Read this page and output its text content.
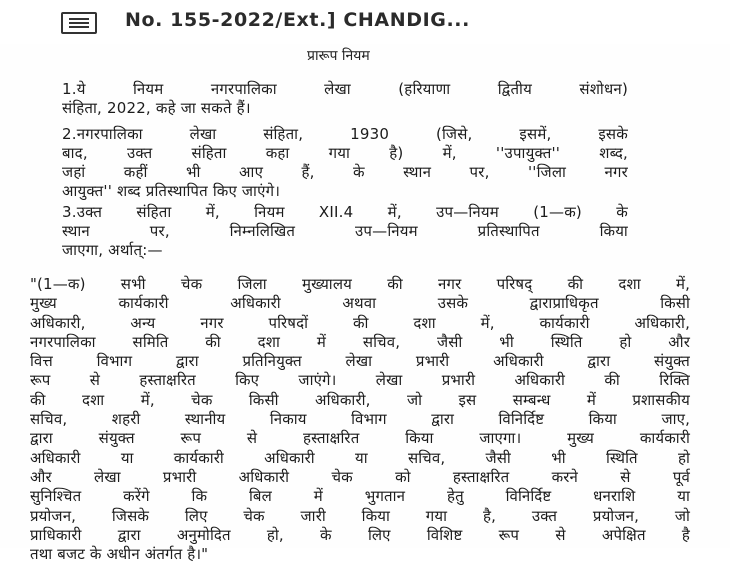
No. 155-2022/Ext.] CHANDIG...
प्रारूप नियम
1.ये नियम नगरपालिका लेखा (हरियाणा द्वितीय संशोधन)
संहिता, 2022, कहे जा सकते हैं।
2.नगरपालिका लेखा संहिता, 1930 (जिसे, इसमें, इसके
बाद, उक्त संहिता कहा गया है) में, ''उपायुक्त'' शब्द,
जहां कहीं भी आए हैं, के स्थान पर, ''जिला नगर
आयुक्त'' शब्द प्रतिस्थापित किए जाएंगे।
3.उक्त संहिता में, नियम XII.4 में, उप—नियम (1—क) के
स्थान पर, निम्नलिखित उप—नियम प्रतिस्थापित किया
जाएगा, अर्थात्:—
"(1—क) सभी चेक जिला मुख्यालय की नगर परिषद् की दशा में,
मुख्य कार्यकारी अधिकारी अथवा उसके द्वाराप्राधिकृत किसी
अधिकारी, अन्य नगर परिषदों की दशा में, कार्यकारी अधिकारी,
नगरपालिका समिति की दशा में सचिव, जैसी भी स्थिति हो और
वित्त विभाग द्वारा प्रतिनियुक्त लेखा प्रभारी अधिकारी द्वारा संयुक्त
रूप से हस्ताक्षरित किए जाएंगे। लेखा प्रभारी अधिकारी की रिक्ति
की दशा में, चेक किसी अधिकारी, जो इस सम्बन्ध में प्रशासकीय
सचिव, शहरी स्थानीय निकाय विभाग द्वारा विनिर्दिष्ट किया जाए,
द्वारा संयुक्त रूप से हस्ताक्षरित किया जाएगा। मुख्य कार्यकारी
अधिकारी या कार्यकारी अधिकारी या सचिव, जैसी भी स्थिति हो
और लेखा प्रभारी अधिकारी चेक को हस्ताक्षरित करने से पूर्व
सुनिश्चित करेंगे कि बिल में भुगतान हेतु विनिर्दिष्ट धनराशि या
प्रयोजन, जिसके लिए चेक जारी किया गया है, उक्त प्रयोजन, जो
प्राधिकारी द्वारा अनुमोदित हो, के लिए विशिष्ट रूप से अपेक्षित है
तथा बजट के अधीन अंतर्गत है।"
